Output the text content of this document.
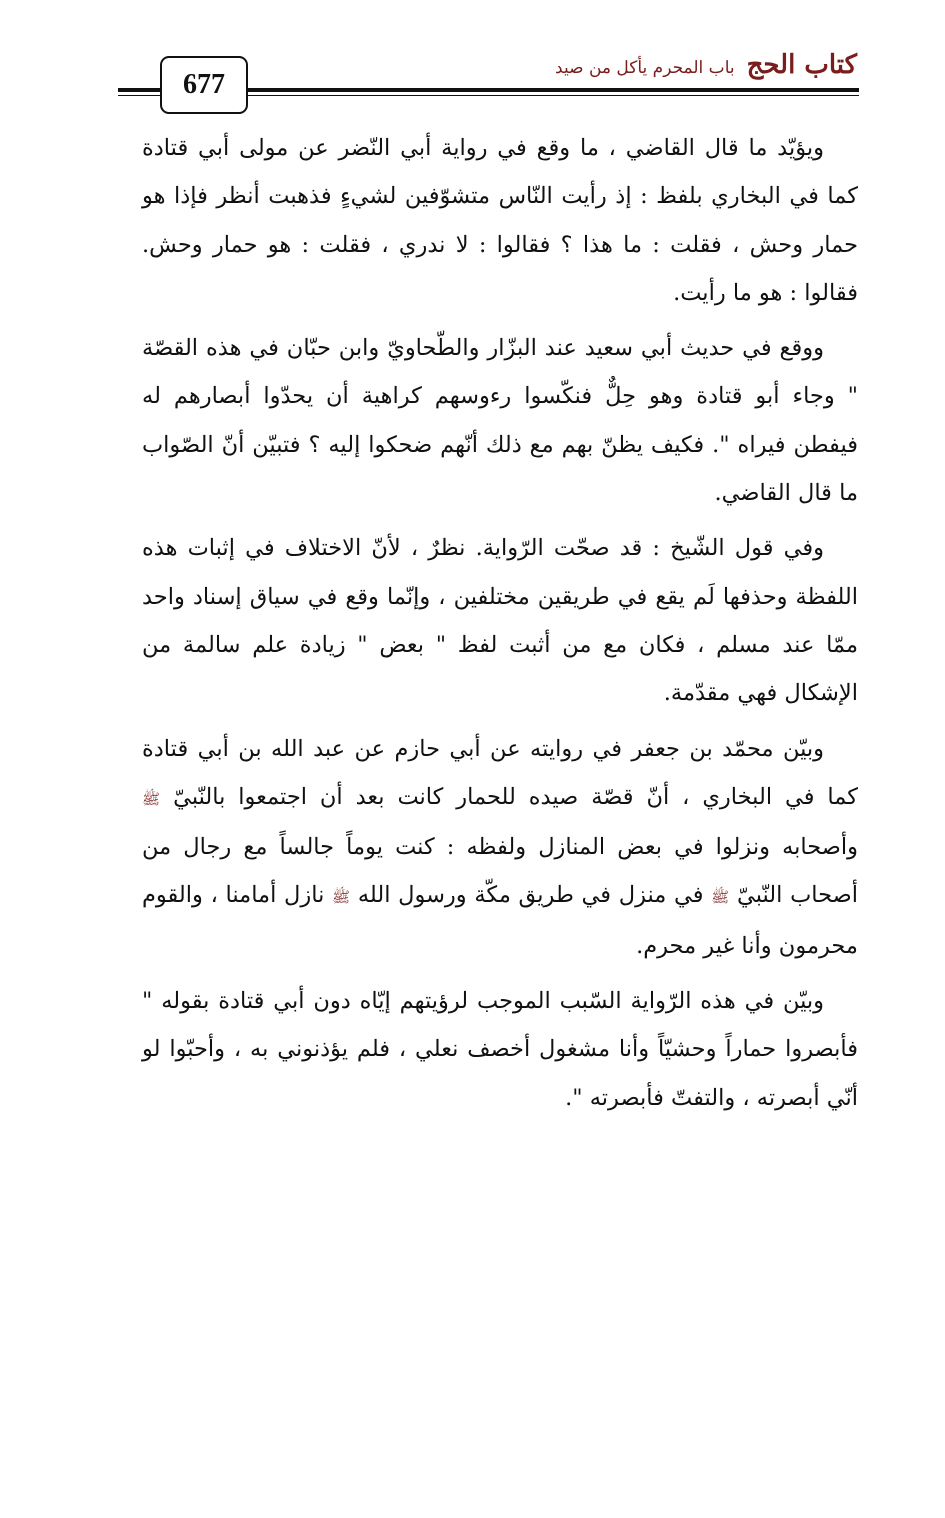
677
كتاب الحج
باب المحرم يأكل من صيد

ويؤيّد ما قال القاضي ، ما وقع في رواية أبي النّضر عن مولى أبي قتادة كما في البخاري بلفظ : إذ رأيت النّاس متشوّفين لشيءٍ فذهبت أنظر فإذا هو حمار وحش ، فقلت : ما هذا ؟ فقالوا : لا ندري ، فقلت : هو حمار وحش. فقالوا : هو ما رأيت.

ووقع في حديث أبي سعيد عند البزّار والطّحاويّ وابن حبّان في هذه القصّة " وجاء أبو قتادة وهو حِلٌّ فنكّسوا رءوسهم كراهية أن يحدّوا أبصارهم له فيفطن فيراه ". فكيف يظنّ بهم مع ذلك أنّهم ضحكوا إليه ؟ فتبيّن أنّ الصّواب ما قال القاضي.

وفي قول الشّيخ : قد صحّت الرّواية. نظرٌ ، لأنّ الاختلاف في إثبات هذه اللفظة وحذفها لَم يقع في طريقين مختلفين ، وإنّما وقع في سياق إسناد واحد ممّا عند مسلم ، فكان مع من أثبت لفظ " بعض " زيادة علم سالمة من الإشكال فهي مقدّمة.

وبيّن محمّد بن جعفر في روايته عن أبي حازم عن عبد الله بن أبي قتادة كما في البخاري ، أنّ قصّة صيده للحمار كانت بعد أن اجتمعوا بالنّبيّ ﷺ وأصحابه ونزلوا في بعض المنازل ولفظه : كنت يوماً جالساً مع رجال من أصحاب النّبيّ ﷺ في منزل في طريق مكّة ورسول الله ﷺ نازل أمامنا ، والقوم محرمون وأنا غير محرم.

وبيّن في هذه الرّواية السّبب الموجب لرؤيتهم إيّاه دون أبي قتادة بقوله " فأبصروا حماراً وحشيّاً وأنا مشغول أخصف نعلي ، فلم يؤذنوني به ، وأحبّوا لو أنّي أبصرته ، والتفتّ فأبصرته ".
